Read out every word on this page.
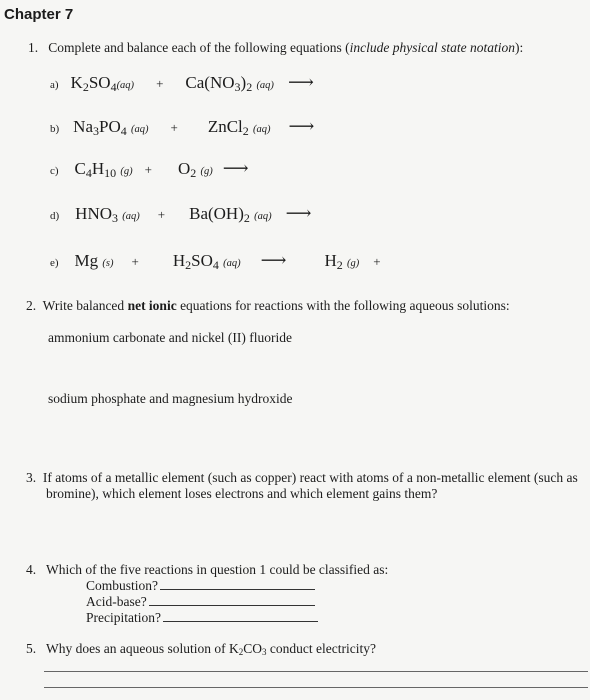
Chapter 7
1. Complete and balance each of the following equations (include physical state notation):
a) $K_2SO_4(aq) + Ca(NO_3)_2$ (aq) ⟶
b) $Na_3PO_4$ (aq) + ZnCl$_2$ (aq) ⟶
c) $C_4H_{10}$ $(g) + O_2$ (g) ⟶
d) $HNO_3$ $(aq) + Ba(OH)_2$ (aq) ⟶
e) Mg $(s) + H_2SO_4$ (aq) ⟶ $H_2$ (g) +
2. Write balanced net ionic equations for reactions with the following aqueous solutions:
ammonium carbonate and nickel (II) fluoride
sodium phosphate and magnesium hydroxide
3. If atoms of a metallic element (such as copper) react with atoms of a non-metallic element (such as
bromine), which element loses electrons and which element gains them?
4. Which of the five reactions in question 1 could be classified as:
Combustion?
Acid-base?
Precipitation?
5. Why does an aqueous solution of $K_2CO_3$ conduct electricity?
